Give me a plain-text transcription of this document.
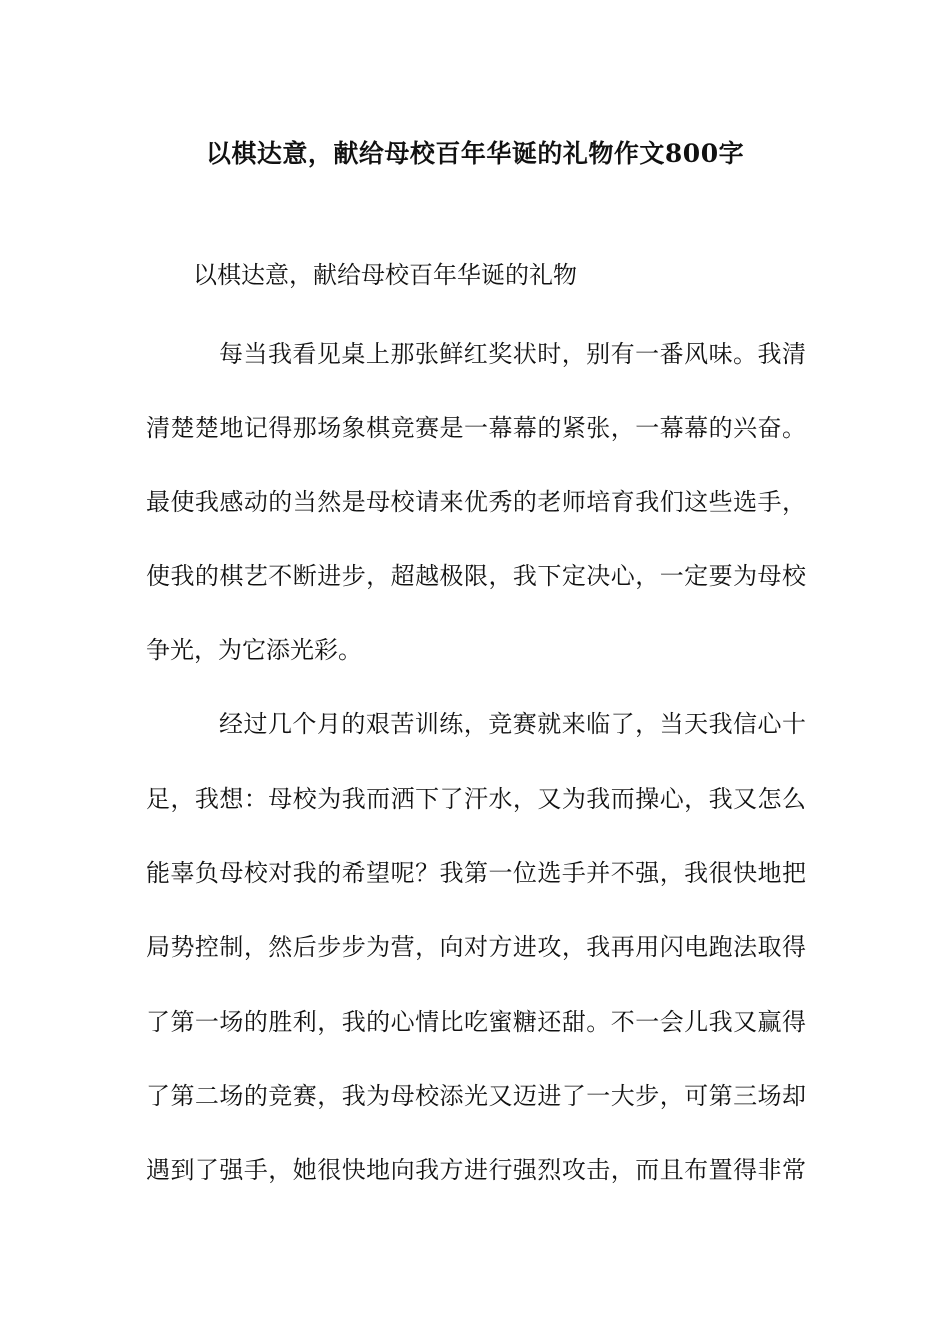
以棋达意，献给母校百年华诞的礼物作文800字

以棋达意，献给母校百年华诞的礼物

每当我看见桌上那张鲜红奖状时，别有一番风味。我清

清楚楚地记得那场象棋竞赛是一幕幕的紧张，一幕幕的兴奋。

最使我感动的当然是母校请来优秀的老师培育我们这些选手，

使我的棋艺不断进步，超越极限，我下定决心，一定要为母校

争光，为它添光彩。

经过几个月的艰苦训练，竞赛就来临了，当天我信心十

足，我想：母校为我而洒下了汗水，又为我而操心，我又怎么

能辜负母校对我的希望呢？我第一位选手并不强，我很快地把

局势控制，然后步步为营，向对方进攻，我再用闪电跑法取得

了第一场的胜利，我的心情比吃蜜糖还甜。不一会儿我又赢得

了第二场的竞赛，我为母校添光又迈进了一大步，可第三场却

遇到了强手，她很快地向我方进行强烈攻击，而且布置得非常
